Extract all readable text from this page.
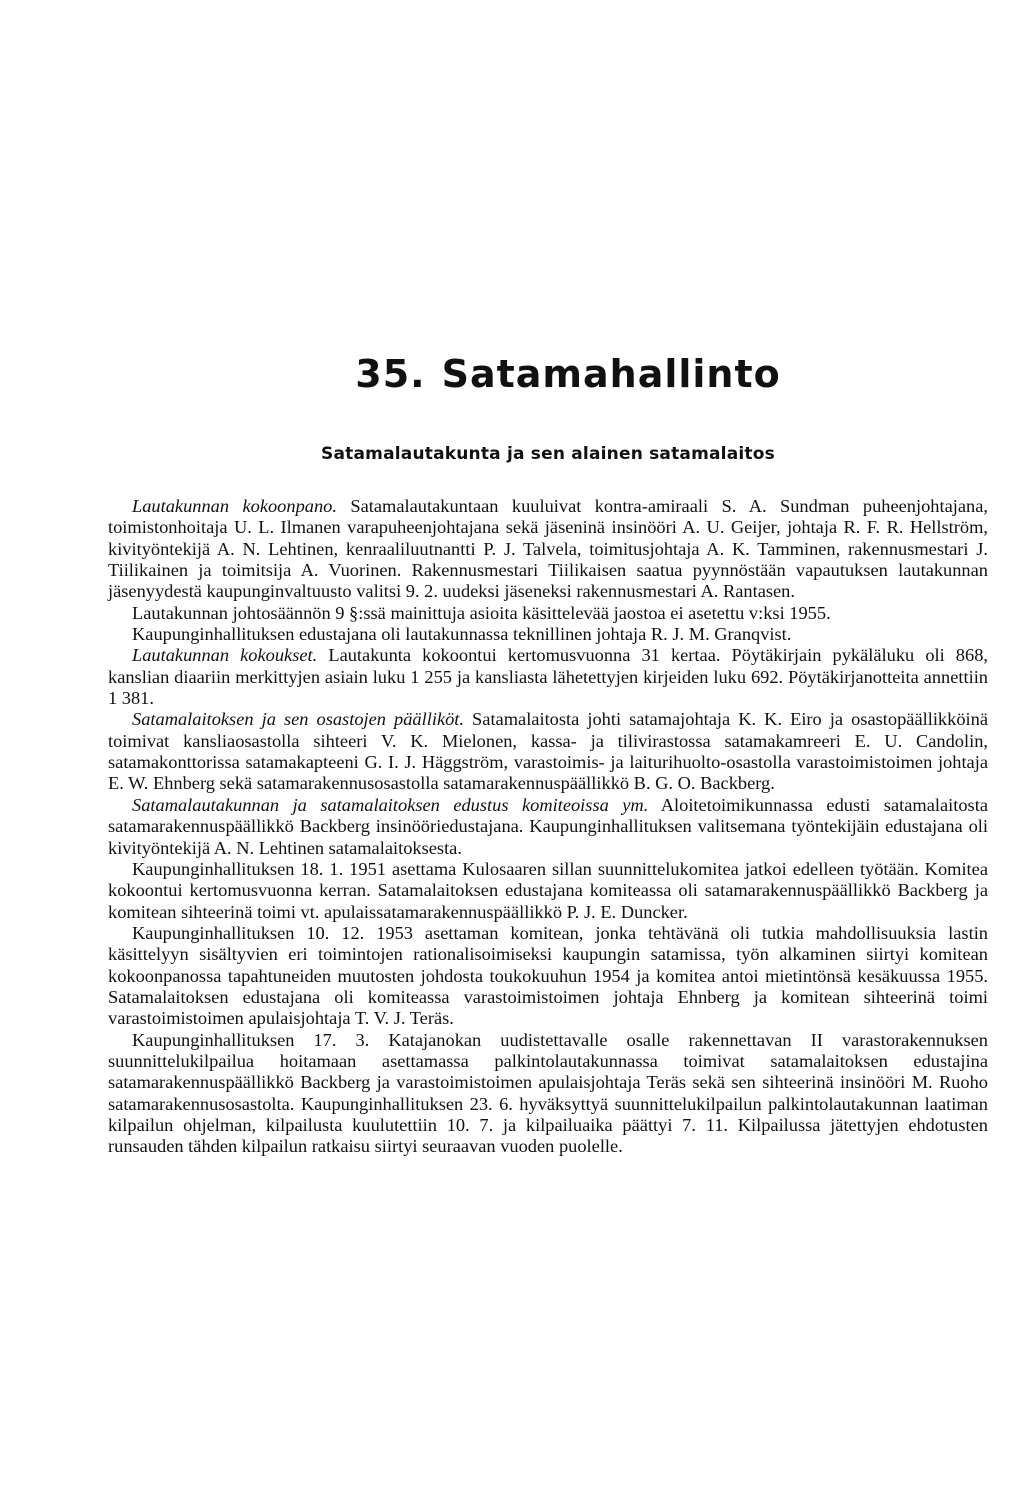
35. Satamahallinto
Satamalautakunta ja sen alainen satamalaitos

Lautakunnan kokoonpano. Satamalautakuntaan kuuluivat kontra-amiraali S. A. Sundman puheenjohtajana, toimistonhoitaja U. L. Ilmanen varapuheenjohtajana sekä jäseninä insinööri A. U. Geijer, johtaja R. F. R. Hellström, kivityöntekijä A. N. Lehtinen, kenraaliluutnantti P. J. Talvela, toimitusjohtaja A. K. Tamminen, rakennusmestari J. Tiilikainen ja toimitsija A. Vuorinen. Rakennusmestari Tiilikaisen saatua pyynnöstään vapautuksen lautakunnan jäsenyydestä kaupunginvaltuusto valitsi 9. 2. uudeksi jäseneksi rakennusmestari A. Rantasen.

Lautakunnan johtosäännön 9 §:ssä mainittuja asioita käsittelevää jaostoa ei asetettu v:ksi 1955.

Kaupunginhallituksen edustajana oli lautakunnassa teknillinen johtaja R. J. M. Granqvist.

Lautakunnan kokoukset. Lautakunta kokoontui kertomusvuonna 31 kertaa. Pöytäkirjain pykäläluku oli 868, kanslian diaariin merkittyjen asiain luku 1 255 ja kansliasta lähetettyjen kirjeiden luku 692. Pöytäkirjanotteita annettiin 1 381.

Satamalaitoksen ja sen osastojen päälliköt. Satamalaitosta johti satamajohtaja K. K. Eiro ja osastopäällikköinä toimivat kansliaosastolla sihteeri V. K. Mielonen, kassa- ja tilivirastossa satamakamreeri E. U. Candolin, satamakonttorissa satamakapteeni G. I. J. Häggström, varastoimis- ja laiturihuolto-osastolla varastoimistoimen johtaja E. W. Ehnberg sekä satamarakennusosastolla satamarakennuspäällikkö B. G. O. Backberg.

Satamalautakunnan ja satamalaitoksen edustus komiteoissa ym. Aloitetoimikunnassa edusti satamalaitosta satamarakennuspäällikkö Backberg insinööriedustajana. Kaupunginhallituksen valitsemana työntekijäin edustajana oli kivityöntekijä A. N. Lehtinen satamalaitoksesta.

Kaupunginhallituksen 18. 1. 1951 asettama Kulosaaren sillan suunnittelukomitea jatkoi edelleen työtään. Komitea kokoontui kertomusvuonna kerran. Satamalaitoksen edustajana komiteassa oli satamarakennuspäällikkö Backberg ja komitean sihteerinä toimi vt. apulaissatamarakennuspäällikkö P. J. E. Duncker.

Kaupunginhallituksen 10. 12. 1953 asettaman komitean, jonka tehtävänä oli tutkia mahdollisuuksia lastin käsittelyyn sisältyvien eri toimintojen rationalisoimiseksi kaupungin satamissa, työn alkaminen siirtyi komitean kokoonpanossa tapahtuneiden muutosten johdosta toukokuuhun 1954 ja komitea antoi mietintönsä kesäkuussa 1955. Satamalaitoksen edustajana oli komiteassa varastoimistoimen johtaja Ehnberg ja komitean sihteerinä toimi varastoimistoimen apulaisjohtaja T. V. J. Teräs.

Kaupunginhallituksen 17. 3. Katajanokan uudistettavalle osalle rakennettavan II varastorakennuksen suunnittelukilpailua hoitamaan asettamassa palkintolautakunnassa toimivat satamalaitoksen edustajina satamarakennuspäällikkö Backberg ja varastoimistoimen apulaisjohtaja Teräs sekä sen sihteerinä insinööri M. Ruoho satamarakennusosastolta. Kaupunginhallituksen 23. 6. hyväksyttyä suunnittelukilpailun palkintolautakunnan laatiman kilpailun ohjelman, kilpailusta kuulutettiin 10. 7. ja kilpailuaika päättyi 7. 11. Kilpailussa jätettyjen ehdotusten runsauden tähden kilpailun ratkaisu siirtyi seuraavan vuoden puolelle.
